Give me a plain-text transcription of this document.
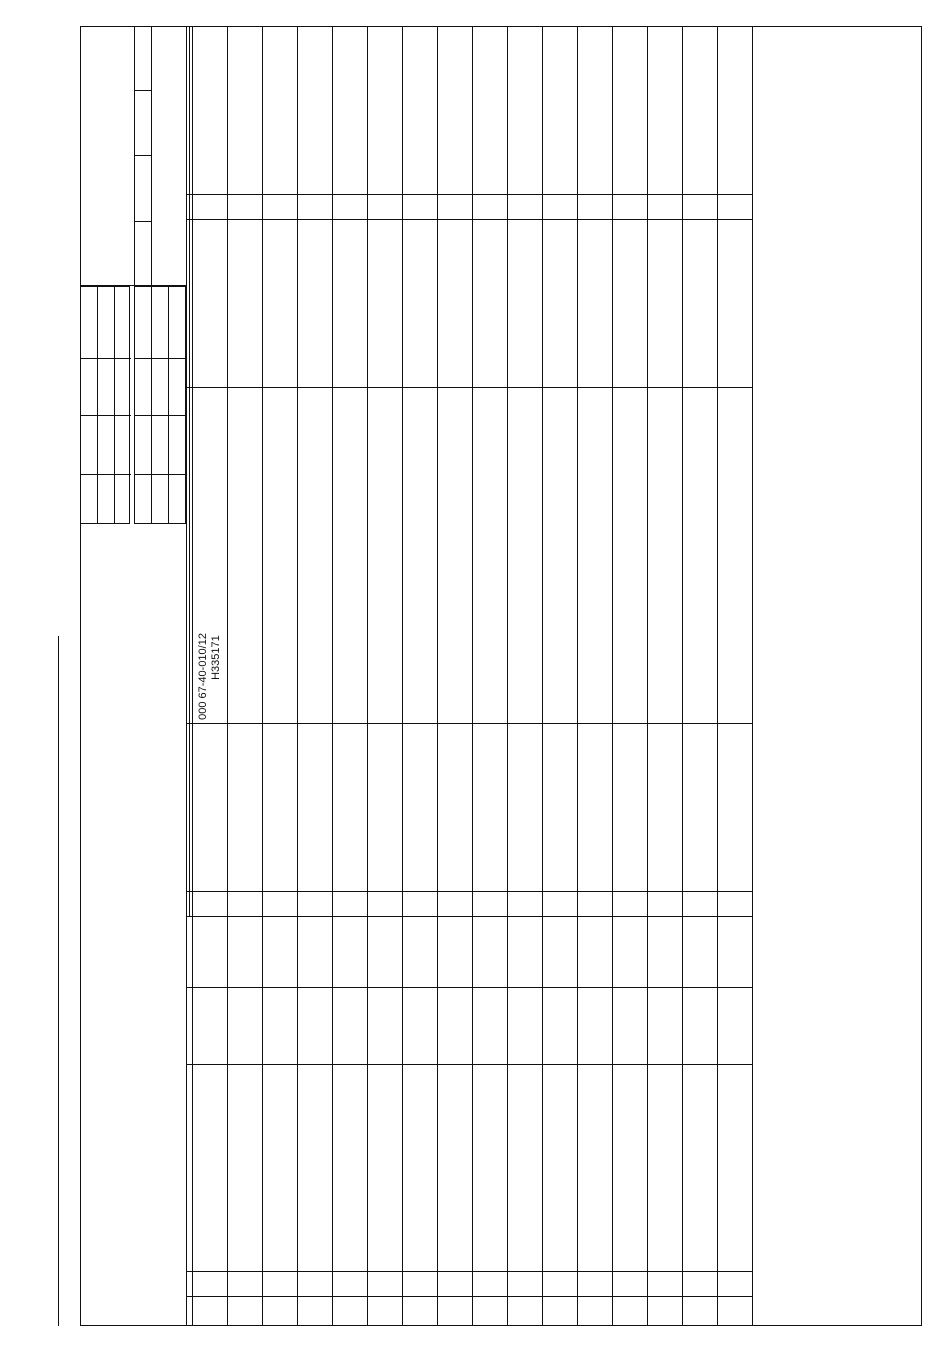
							000 67-40-010/12 H335171			
